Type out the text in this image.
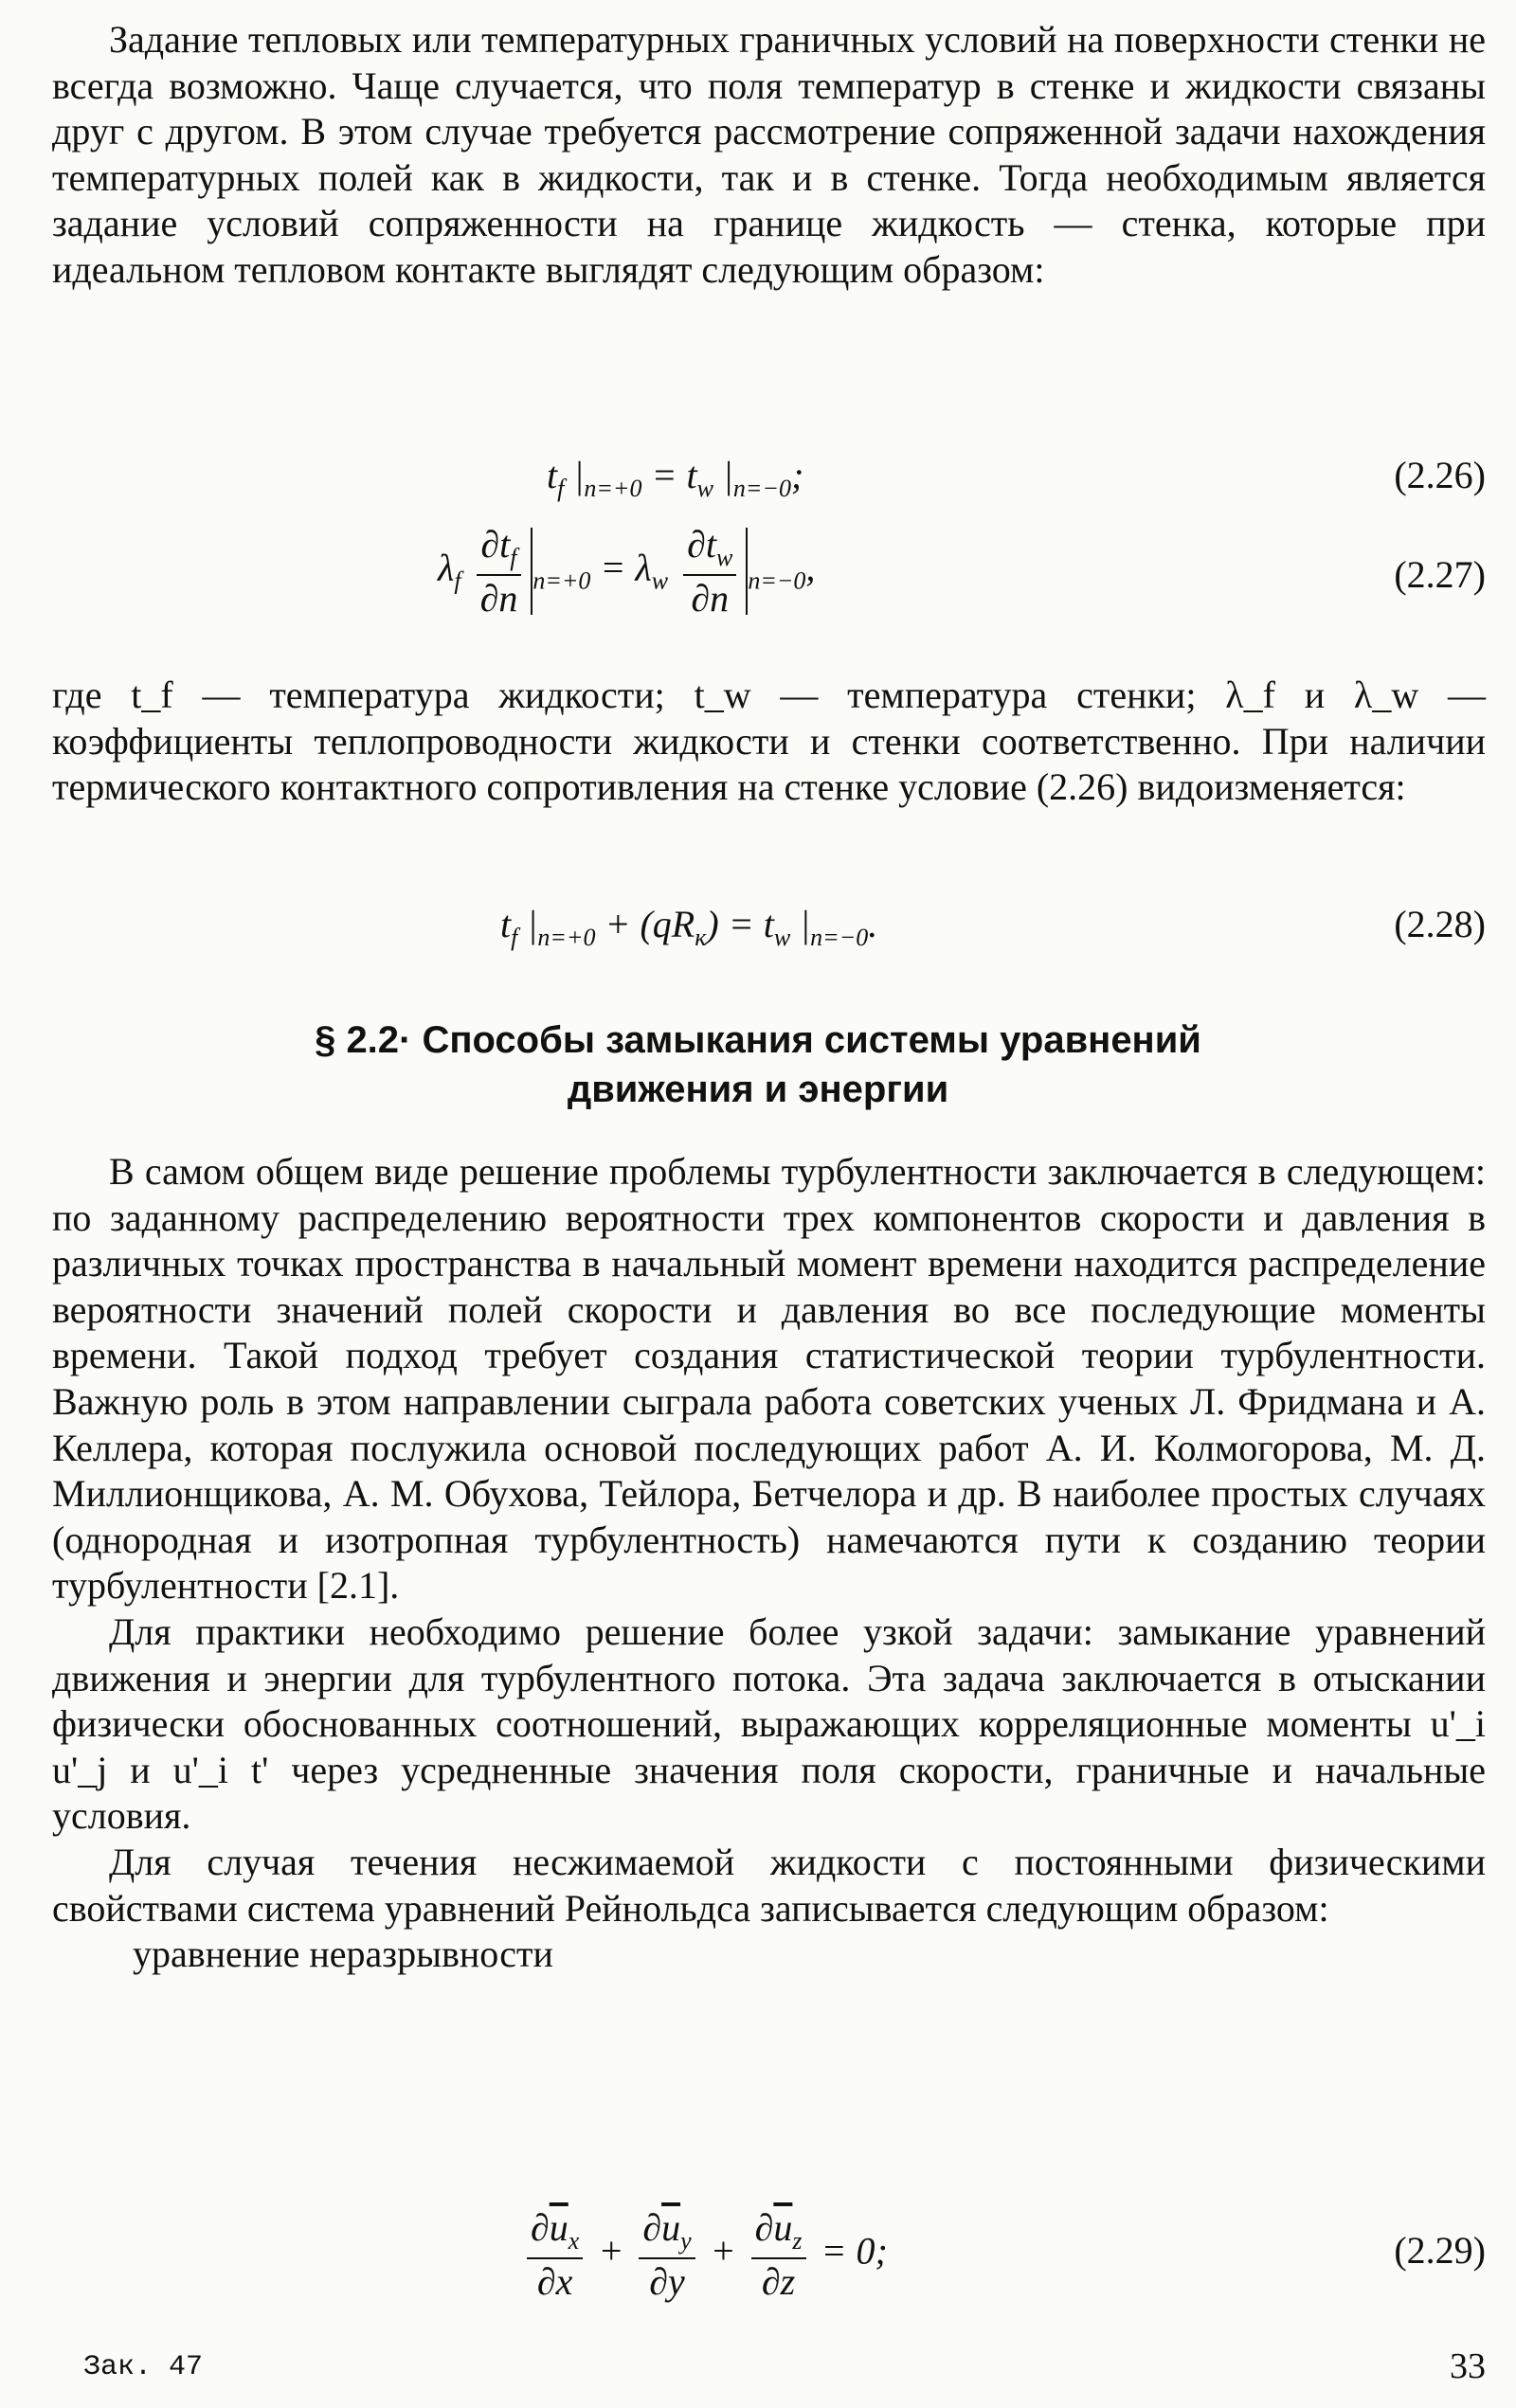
Задание тепловых или температурных граничных условий на поверхности стенки не всегда возможно. Чаще случается, что поля температур в стенке и жидкости связаны друг с другом. В этом случае требуется рассмотрение сопряженной задачи нахождения температурных полей как в жидкости, так и в стенке. Тогда необходимым является задание условий сопряженности на границе жидкость — стенка, которые при идеальном тепловом контакте выглядят следующим образом:

$t_f$ $|_{n=+0} = t_w$ $|_{n=-0}$;	(2.26)
$\lambda_f \frac{\partial t_f}{\partial n} _{n=+0} = \lambda_w \frac{\partial t_w}{\partial n} _{n=-0}$,	(2.27)

где t_f — температура жидкости; t_w — температура стенки; λ_f и λ_w — коэффициенты теплопроводности жидкости и стенки соответственно. При наличии термического контактного сопротивления на стенке условие (2.26) видоизменяется:

$t_f$ $|_{n=+0} + (qR_к) = t_w$ $|_{n=-0}$.	(2.28)
§ 2.2· Способы замыкания системы уравнений
движения и энергии

В самом общем виде решение проблемы турбулентности заключается в следующем: по заданному распределению вероятности трех компонентов скорости и давления в различных точках пространства в начальный момент времени находится распределение вероятности значений полей скорости и давления во все последующие моменты времени. Такой подход требует создания статистической теории турбулентности. Важную роль в этом направлении сыграла работа советских ученых Л. Фридмана и А. Келлера, которая послужила основой последующих работ А. И. Колмогорова, М. Д. Миллионщикова, А. М. Обухова, Тейлора, Бетчелора и др. В наиболее простых случаях (однородная и изотропная турбулентность) намечаются пути к созданию теории турбулентности [2.1].

Для практики необходимо решение более узкой задачи: замыкание уравнений движения и энергии для турбулентного потока. Эта задача заключается в отыскании физически обоснованных соотношений, выражающих корреляционные моменты u'_i u'_j и u'_i t' через усредненные значения поля скорости, граничные и начальные условия.

Для случая течения несжимаемой жидкости с постоянными физическими свойствами система уравнений Рейнольдса записывается следующим образом:

уравнение неразрывности

$\frac{\partial\overline{u}_x}{\partial x} + \frac{\partial\overline{u}_y}{\partial y} + \frac{\partial\overline{u}_z}{\partial z} = 0$;	(2.29)
Зак. 47	33
